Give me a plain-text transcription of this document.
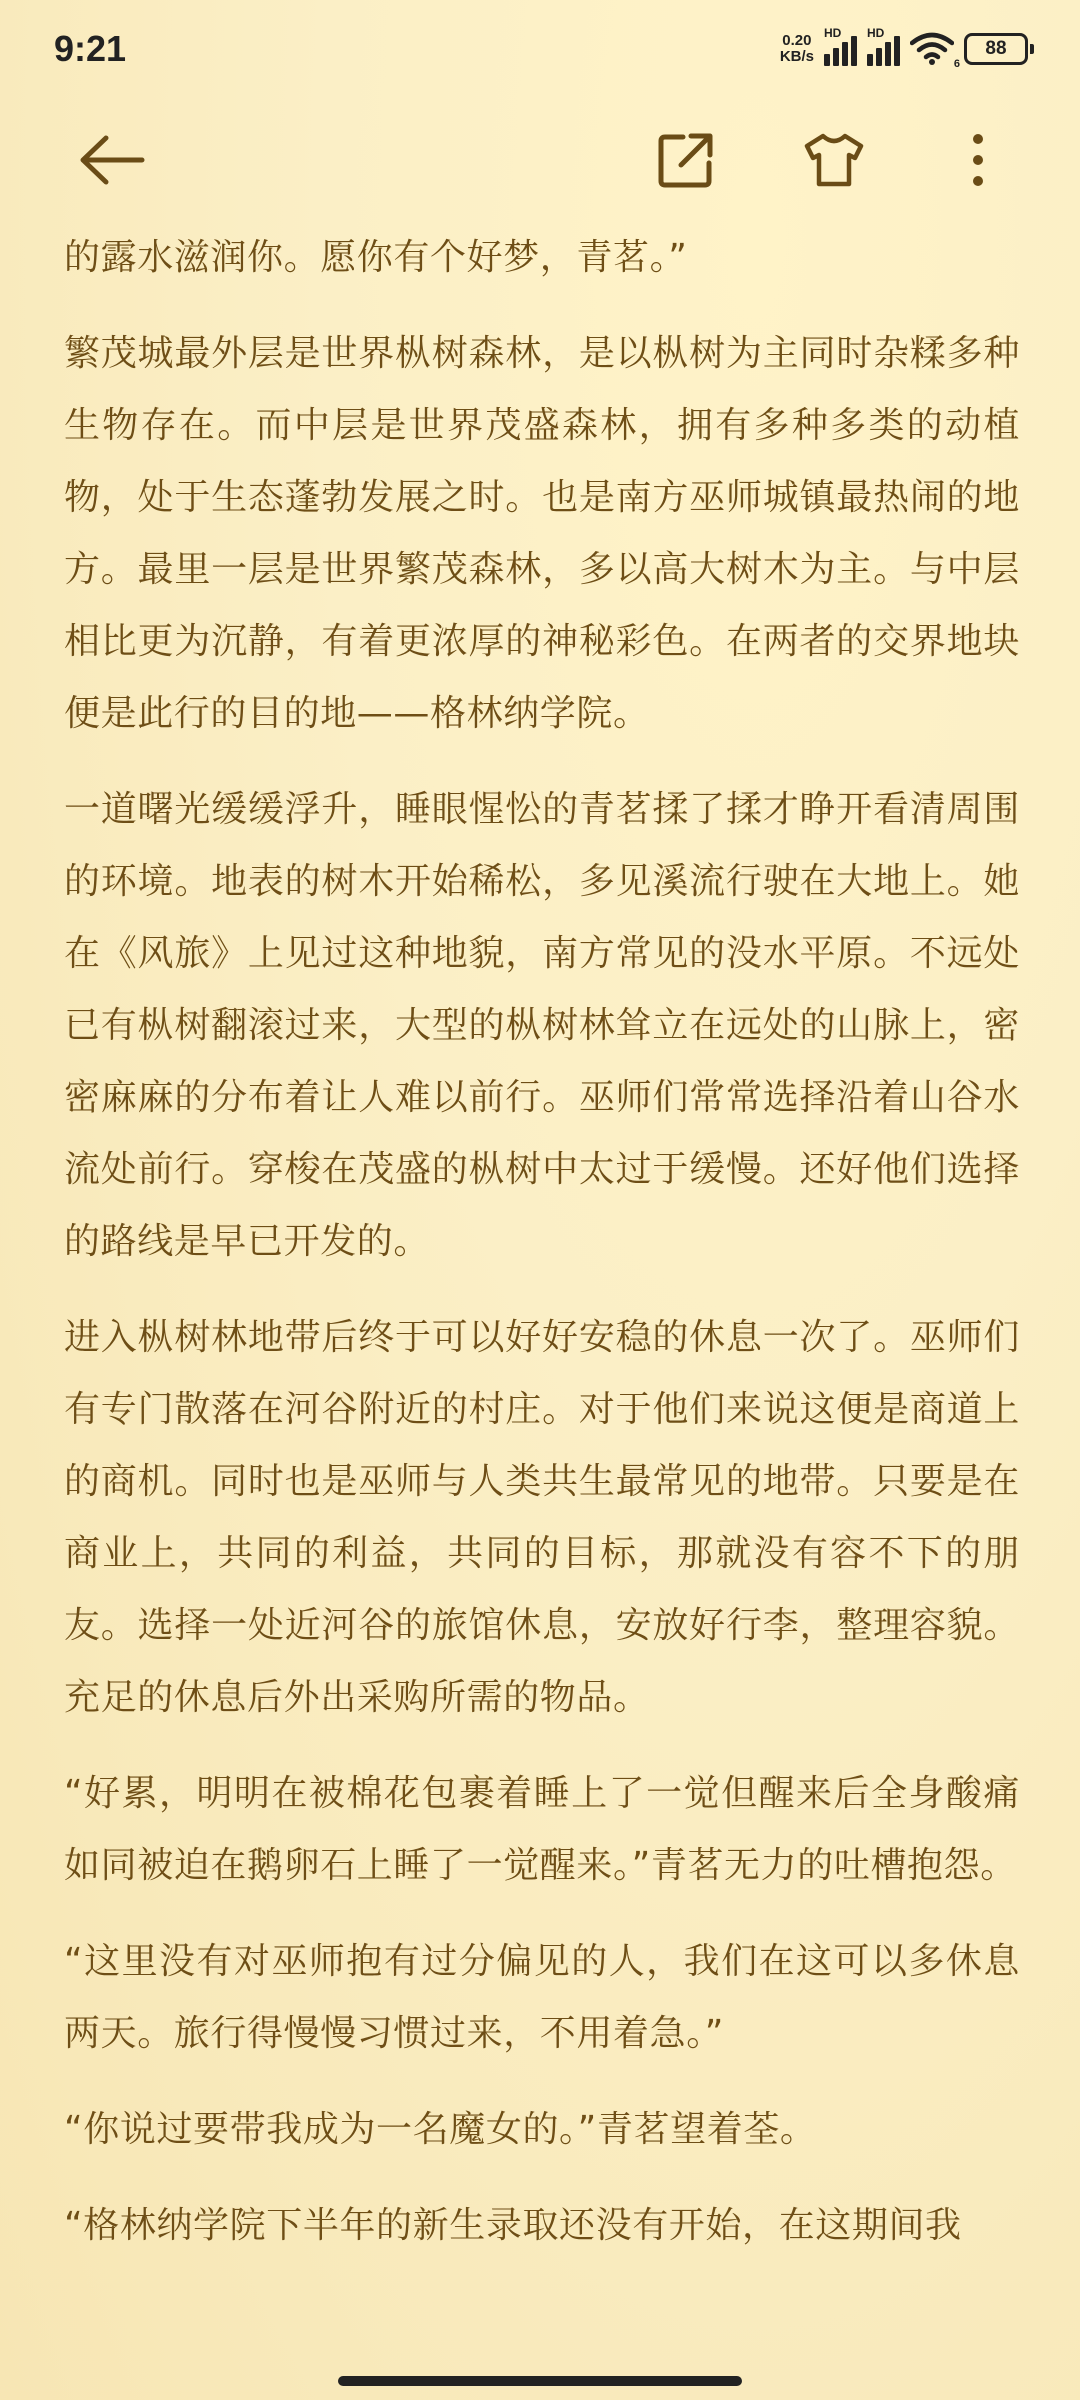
9:21	0.20
KB/s
HD HD
6
88

的露水滋润你。愿你有个好梦，青茗。”

繁茂城最外层是世界枞树森林，是以枞树为主同时杂糅多种生物存在。而中层是世界茂盛森林，拥有多种多类的动植物，处于生态蓬勃发展之时。也是南方巫师城镇最热闹的地方。最里一层是世界繁茂森林，多以高大树木为主。与中层相比更为沉静，有着更浓厚的神秘彩色。在两者的交界地块便是此行的目的地——格林纳学院。

一道曙光缓缓浮升，睡眼惺忪的青茗揉了揉才睁开看清周围的环境。地表的树木开始稀松，多见溪流行驶在大地上。她在《风旅》上见过这种地貌，南方常见的没水平原。不远处已有枞树翻滚过来，大型的枞树林耸立在远处的山脉上，密密麻麻的分布着让人难以前行。巫师们常常选择沿着山谷水流处前行。穿梭在茂盛的枞树中太过于缓慢。还好他们选择的路线是早已开发的。

进入枞树林地带后终于可以好好安稳的休息一次了。巫师们有专门散落在河谷附近的村庄。对于他们来说这便是商道上的商机。同时也是巫师与人类共生最常见的地带。只要是在商业上，共同的利益，共同的目标，那就没有容不下的朋友。选择一处近河谷的旅馆休息，安放好行李，整理容貌。充足的休息后外出采购所需的物品。

“好累，明明在被棉花包裹着睡上了一觉但醒来后全身酸痛如同被迫在鹅卵石上睡了一觉醒来。”青茗无力的吐槽抱怨。

“这里没有对巫师抱有过分偏见的人，我们在这可以多休息两天。旅行得慢慢习惯过来，不用着急。”

“你说过要带我成为一名魔女的。”青茗望着荃。

“格林纳学院下半年的新生录取还没有开始，在这期间我
